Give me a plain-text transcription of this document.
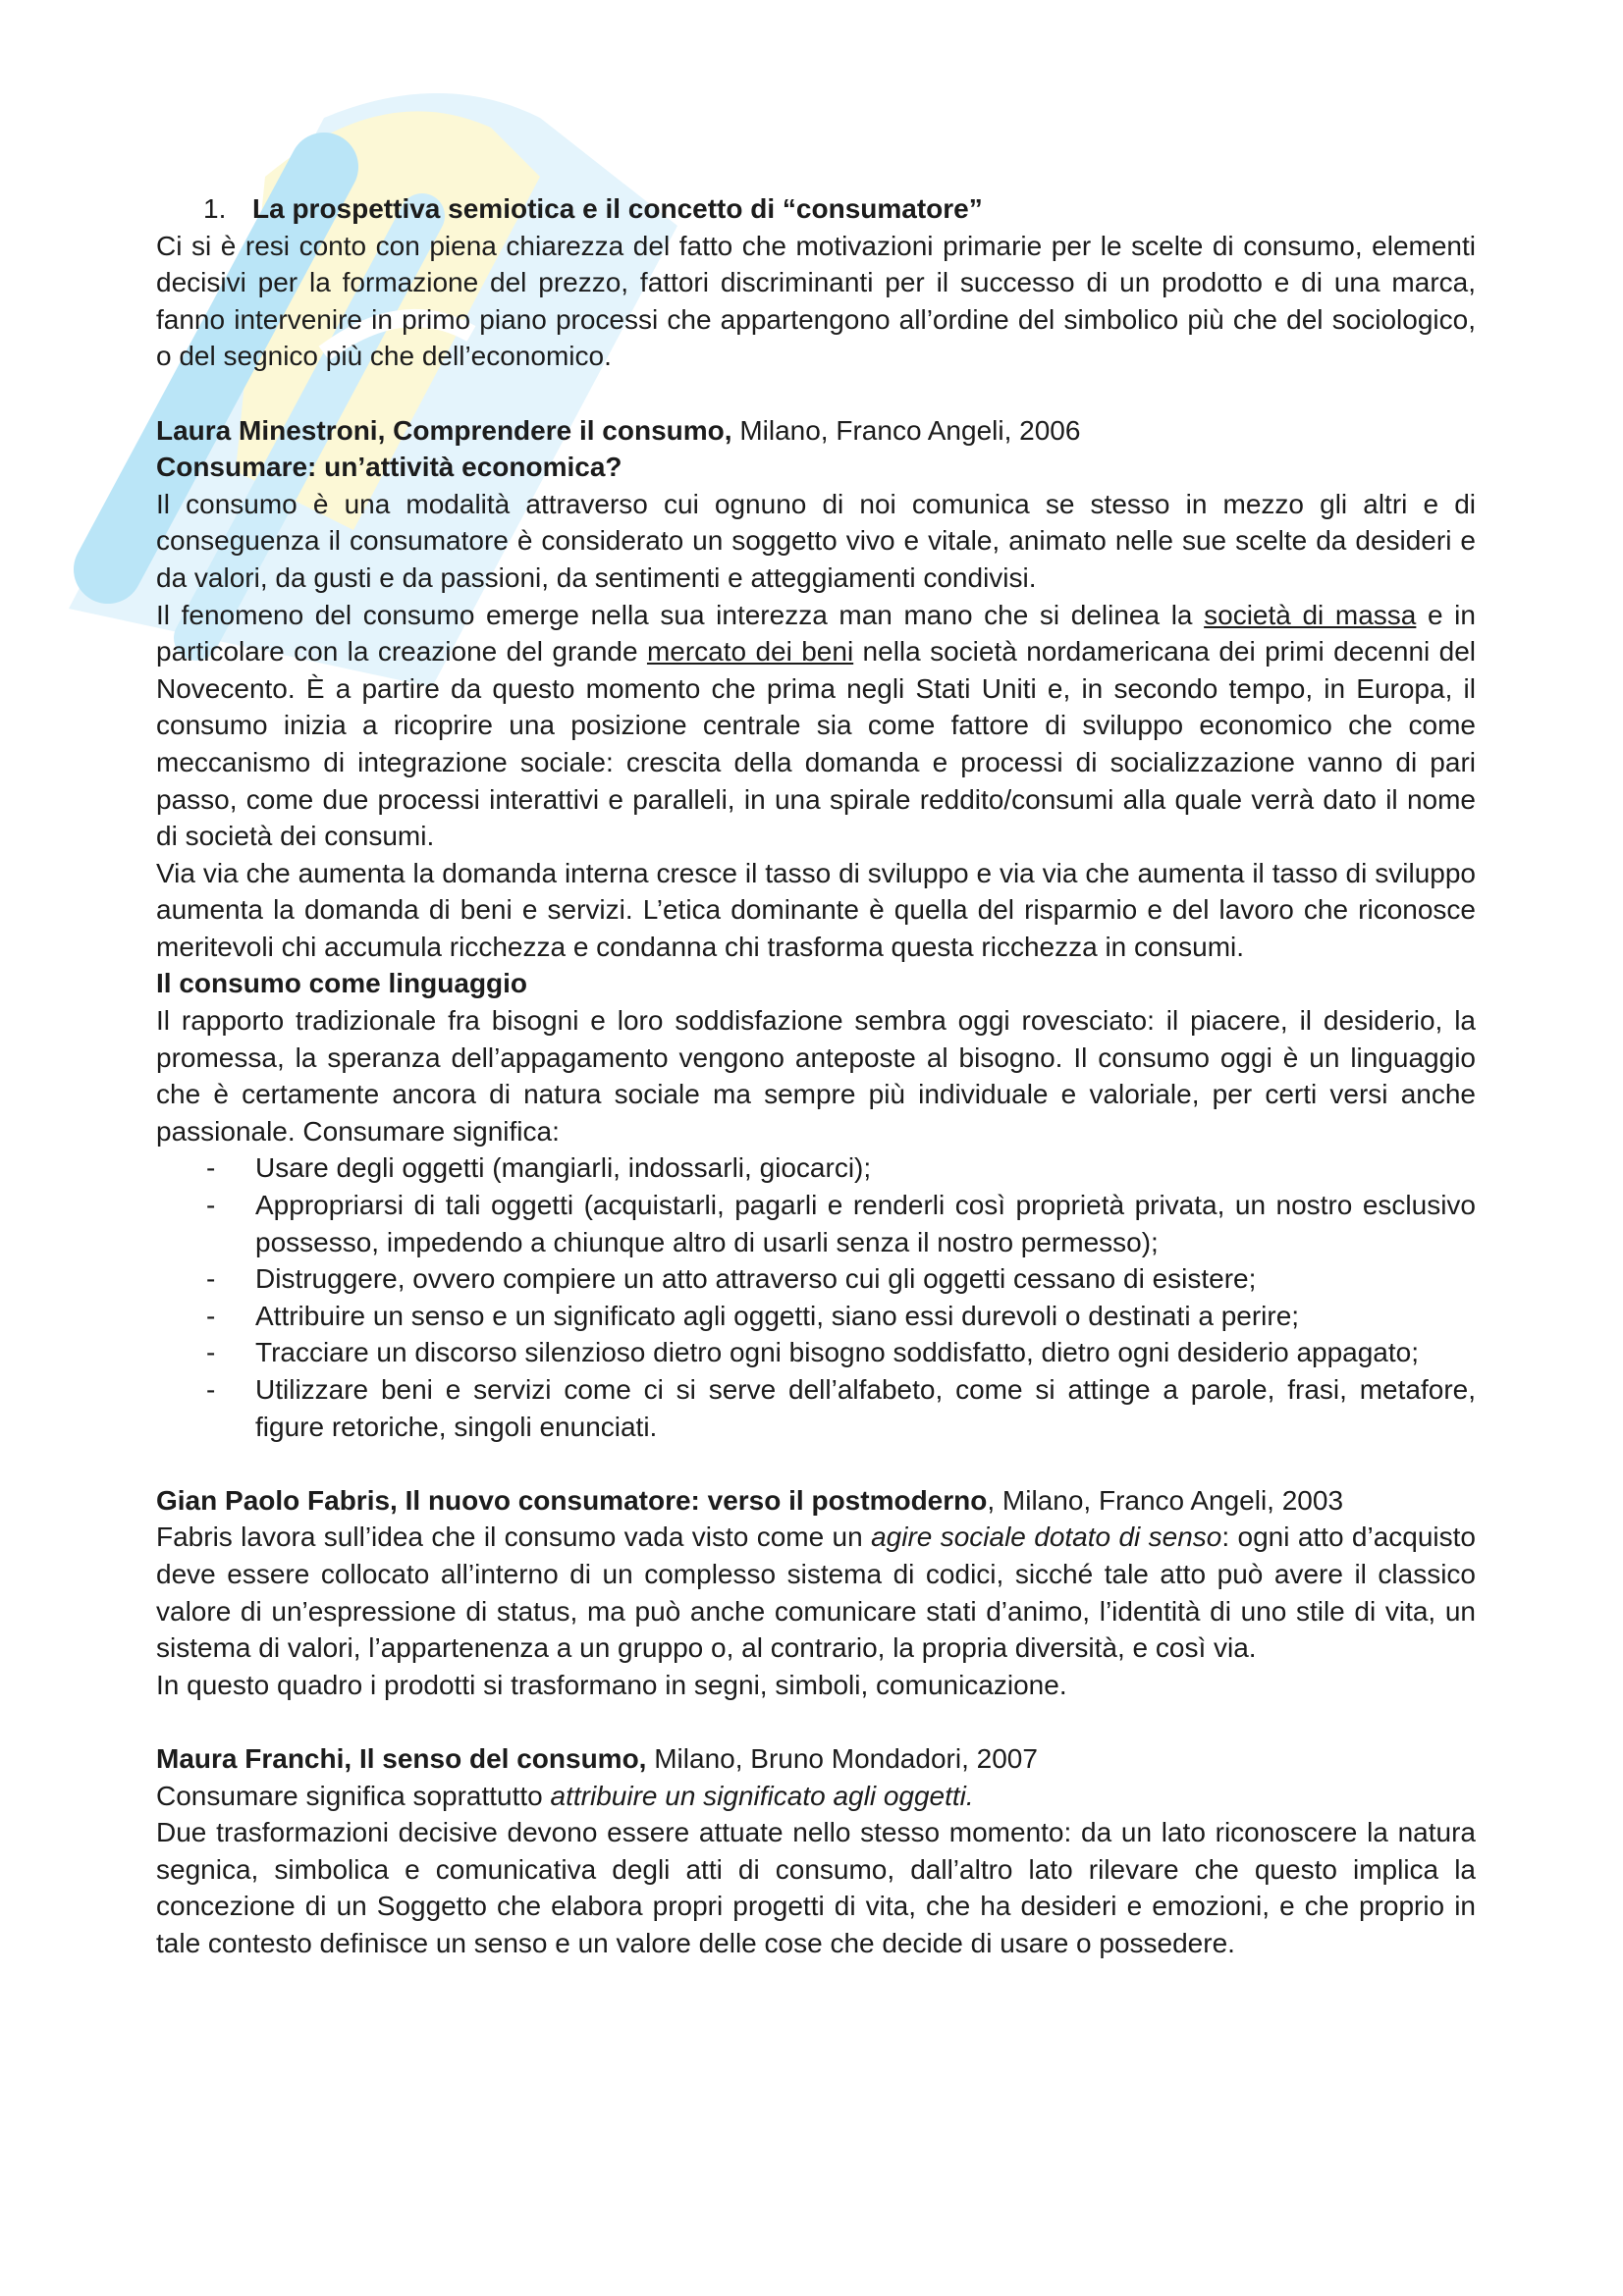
1. La prospettiva semiotica e il concetto di “consumatore”

Ci si è resi conto con piena chiarezza del fatto che motivazioni primarie per le scelte di consumo, elementi decisivi per la formazione del prezzo, fattori discriminanti per il successo di un prodotto e di una marca, fanno intervenire in primo piano processi che appartengono all’ordine del simbolico più che del sociologico, o del segnico più che dell’economico.

Laura Minestroni, Comprendere il consumo, Milano, Franco Angeli, 2006

Consumare: un’attività economica?

Il consumo è una modalità attraverso cui ognuno di noi comunica se stesso in mezzo gli altri e di conseguenza il consumatore è considerato un soggetto vivo e vitale, animato nelle sue scelte da desideri e da valori, da gusti e da passioni, da sentimenti e atteggiamenti condivisi.

Il fenomeno del consumo emerge nella sua interezza man mano che si delinea la società di massa e in particolare con la creazione del grande mercato dei beni nella società nordamericana dei primi decenni del Novecento. È a partire da questo momento che prima negli Stati Uniti e, in secondo tempo, in Europa, il consumo inizia a ricoprire una posizione centrale sia come fattore di sviluppo economico che come meccanismo di integrazione sociale: crescita della domanda e processi di socializzazione vanno di pari passo, come due processi interattivi e paralleli, in una spirale reddito/consumi alla quale verrà dato il nome di società dei consumi.

Via via che aumenta la domanda interna cresce il tasso di sviluppo e via via che aumenta il tasso di sviluppo aumenta la domanda di beni e servizi. L’etica dominante è quella del risparmio e del lavoro che riconosce meritevoli chi accumula ricchezza e condanna chi trasforma questa ricchezza in consumi.

Il consumo come linguaggio

Il rapporto tradizionale fra bisogni e loro soddisfazione sembra oggi rovesciato: il piacere, il desiderio, la promessa, la speranza dell’appagamento vengono anteposte al bisogno. Il consumo oggi è un linguaggio che è certamente ancora di natura sociale ma sempre più individuale e valoriale, per certi versi anche passionale. Consumare significa:

- Usare degli oggetti (mangiarli, indossarli, giocarci);
- Appropriarsi di tali oggetti (acquistarli, pagarli e renderli così proprietà privata, un nostro esclusivo possesso, impedendo a chiunque altro di usarli senza il nostro permesso);
- Distruggere, ovvero compiere un atto attraverso cui gli oggetti cessano di esistere;
- Attribuire un senso e un significato agli oggetti, siano essi durevoli o destinati a perire;
- Tracciare un discorso silenzioso dietro ogni bisogno soddisfatto, dietro ogni desiderio appagato;
- Utilizzare beni e servizi come ci si serve dell’alfabeto, come si attinge a parole, frasi, metafore, figure retoriche, singoli enunciati.

Gian Paolo Fabris, Il nuovo consumatore: verso il postmoderno, Milano, Franco Angeli, 2003

Fabris lavora sull’idea che il consumo vada visto come un agire sociale dotato di senso: ogni atto d’acquisto deve essere collocato all’interno di un complesso sistema di codici, sicché tale atto può avere il classico valore di un’espressione di status, ma può anche comunicare stati d’animo, l’identità di uno stile di vita, un sistema di valori, l’appartenenza a un gruppo o, al contrario, la propria diversità, e così via.

In questo quadro i prodotti si trasformano in segni, simboli, comunicazione.

Maura Franchi, Il senso del consumo, Milano, Bruno Mondadori, 2007

Consumare significa soprattutto attribuire un significato agli oggetti.

Due trasformazioni decisive devono essere attuate nello stesso momento: da un lato riconoscere la natura segnica, simbolica e comunicativa degli atti di consumo, dall’altro lato rilevare che questo implica la concezione di un Soggetto che elabora propri progetti di vita, che ha desideri e emozioni, e che proprio in tale contesto definisce un senso e un valore delle cose che decide di usare o possedere.
